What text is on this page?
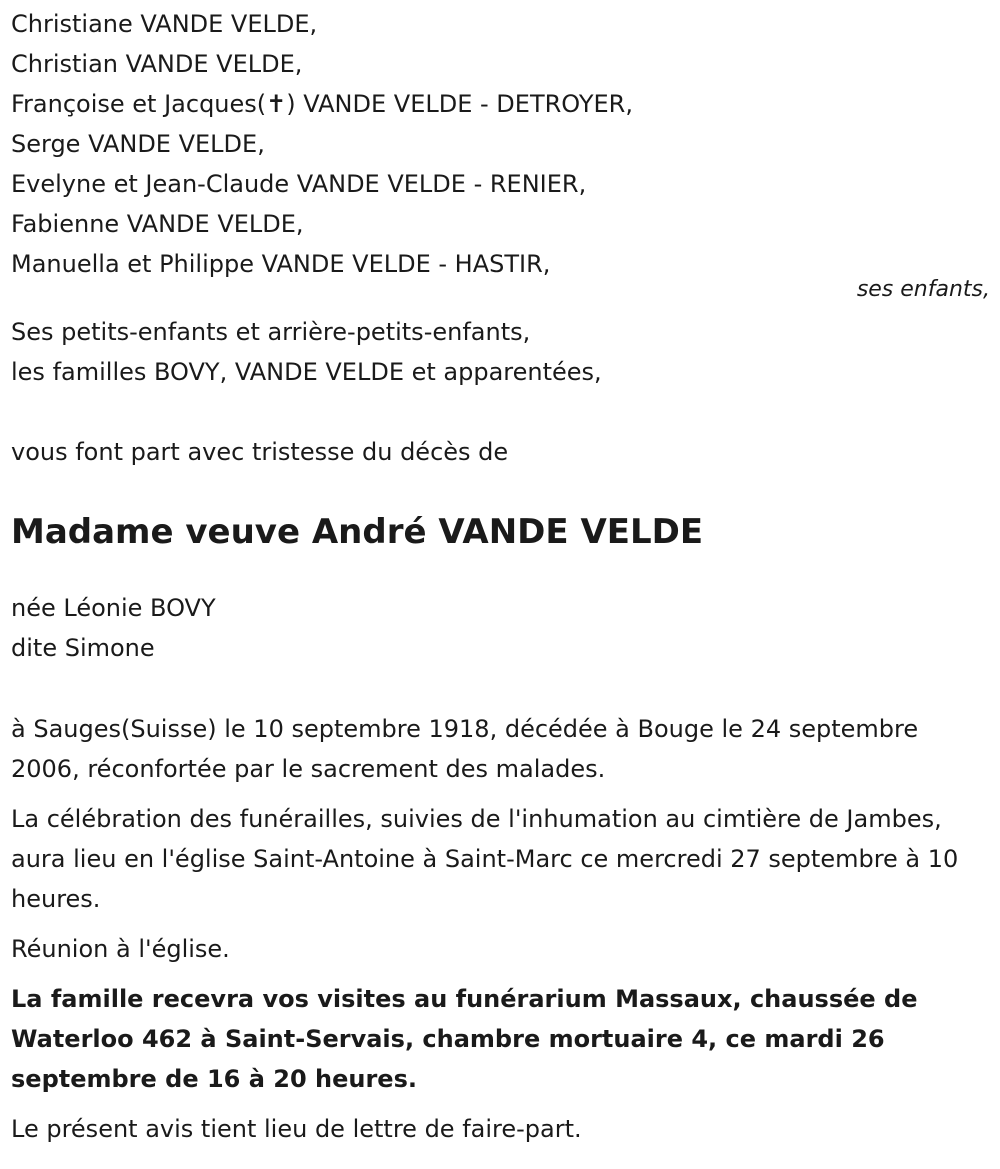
Christiane VANDE VELDE,
Christian VANDE VELDE,
Françoise et Jacques(✝) VANDE VELDE - DETROYER,
Serge VANDE VELDE,
Evelyne et Jean-Claude VANDE VELDE - RENIER,
Fabienne VANDE VELDE,
Manuella et Philippe VANDE VELDE - HASTIR,
ses enfants,
Ses petits-enfants et arrière-petits-enfants,
les familles BOVY, VANDE VELDE et apparentées,
vous font part avec tristesse du décès de
Madame veuve André VANDE VELDE
née Léonie BOVY
dite Simone
à Sauges(Suisse) le 10 septembre 1918, décédée à Bouge le 24 septembre 2006, réconfortée par le sacrement des malades.
La célébration des funérailles, suivies de l'inhumation au cimtière de Jambes, aura lieu en l'église Saint-Antoine à Saint-Marc ce mercredi 27 septembre à 10 heures.
Réunion à l'église.
La famille recevra vos visites au funérarium Massaux, chaussée de Waterloo 462 à Saint-Servais, chambre mortuaire 4, ce mardi 26 septembre de 16 à 20 heures.
Le présent avis tient lieu de lettre de faire-part.
